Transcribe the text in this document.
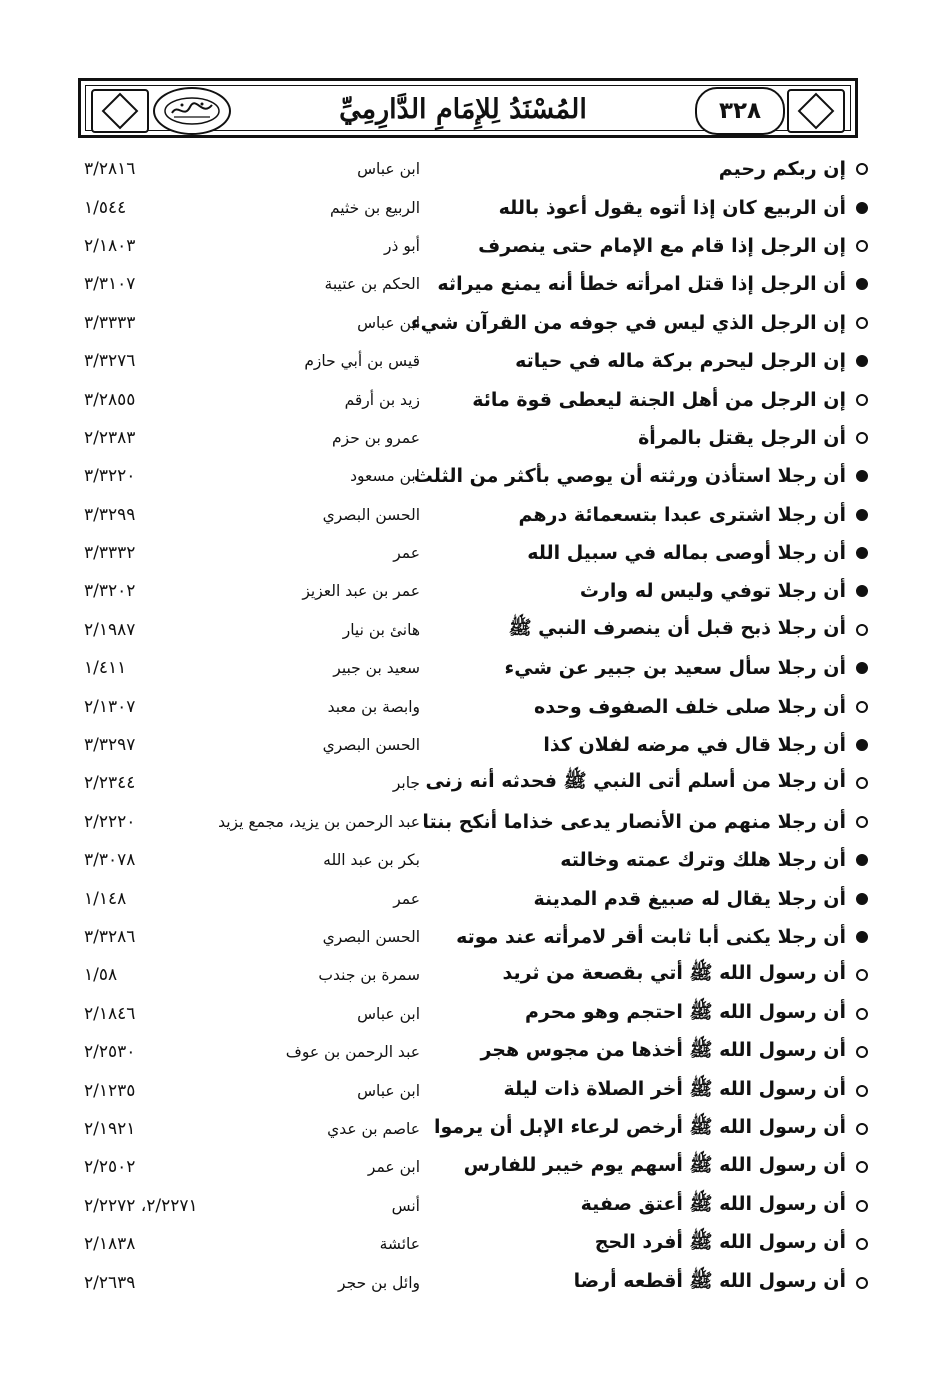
المُسْنَدُ لِلإِمَامِ الدَّارِمِيِّ	٣٢٨
إن ربكم رحيم
ابن عباس
٣/٢٨١٦
أن الربيع كان إذا أتوه يقول أعوذ بالله
الربيع بن خثيم
١/٥٤٤
إن الرجل إذا قام مع الإمام حتى ينصرف
أبو ذر
٢/١٨٠٣
أن الرجل إذا قتل امرأته خطأ أنه يمنع ميراثه
الحكم بن عتيبة
٣/٣١٠٧
إن الرجل الذي ليس في جوفه من القرآن شيء
ابن عباس
٣/٣٣٣٣
إن الرجل ليحرم بركة ماله في حياته
قيس بن أبي حازم
٣/٣٢٧٦
إن الرجل من أهل الجنة ليعطى قوة مائة
زيد بن أرقم
٣/٢٨٥٥
أن الرجل يقتل بالمرأة
عمرو بن حزم
٢/٢٣٨٣
أن رجلا استأذن ورثته أن يوصي بأكثر من الثلث
ابن مسعود
٣/٣٢٢٠
أن رجلا اشترى عبدا بتسعمائة درهم
الحسن البصري
٣/٣٢٩٩
أن رجلا أوصى بماله في سبيل الله
عمر
٣/٣٣٣٢
أن رجلا توفي وليس له وارث
عمر بن عبد العزيز
٣/٣٢٠٢
أن رجلا ذبح قبل أن ينصرف النبي ﷺ
هانئ بن نيار
٢/١٩٨٧
أن رجلا سأل سعيد بن جبير عن شيء
سعيد بن جبير
١/٤١١
أن رجلا صلى خلف الصفوف وحده
وابصة بن معبد
٢/١٣٠٧
أن رجلا قال في مرضه لفلان كذا
الحسن البصري
٣/٣٢٩٧
أن رجلا من أسلم أتى النبي ﷺ فحدثه أنه زنى
جابر
٢/٢٣٤٤
أن رجلا منهم من الأنصار يدعى خذاما أنكح بنتا
عبد الرحمن بن يزيد، مجمع يزيد
٢/٢٢٢٠
أن رجلا هلك وترك عمته وخالته
بكر بن عبد الله
٣/٣٠٧٨
أن رجلا يقال له صبيغ قدم المدينة
عمر
١/١٤٨
أن رجلا يكنى أبا ثابت أقر لامرأته عند موته
الحسن البصري
٣/٣٢٨٦
أن رسول الله ﷺ أتي بقصعة من ثريد
سمرة بن جندب
١/٥٨
أن رسول الله ﷺ احتجم وهو محرم
ابن عباس
٢/١٨٤٦
أن رسول الله ﷺ أخذها من مجوس هجر
عبد الرحمن بن عوف
٢/٢٥٣٠
أن رسول الله ﷺ أخر الصلاة ذات ليلة
ابن عباس
٢/١٢٣٥
أن رسول الله ﷺ أرخص لرعاء الإبل أن يرموا
عاصم بن عدي
٢/١٩٢١
أن رسول الله ﷺ أسهم يوم خيبر للفارس
ابن عمر
٢/٢٥٠٢
أن رسول الله ﷺ أعتق صفية
أنس
٢/٢٢٧١، ٢/٢٢٧٢
أن رسول الله ﷺ أفرد الحج
عائشة
٢/١٨٣٨
أن رسول الله ﷺ أقطعه أرضا
وائل بن حجر
٢/٢٦٣٩
